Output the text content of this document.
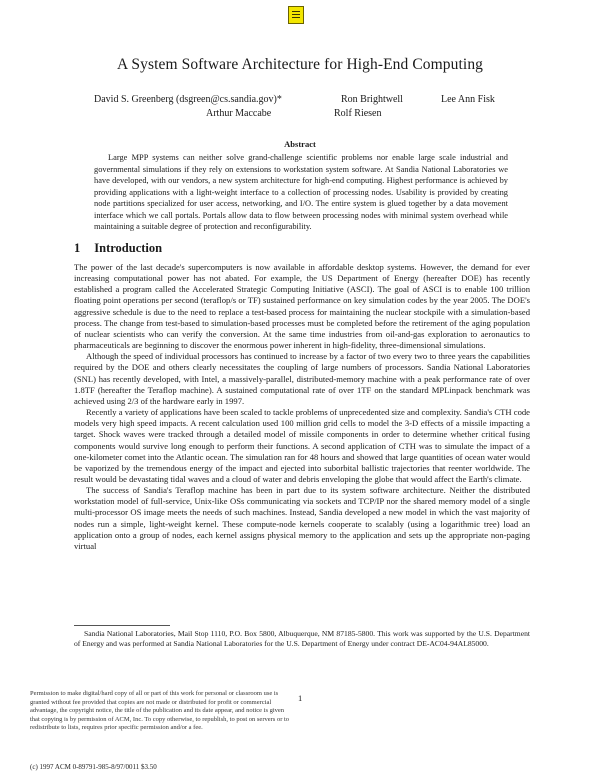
A System Software Architecture for High-End Computing
David S. Greenberg (dsgreen@cs.sandia.gov)*	Ron Brightwell	Lee Ann Fisk
Arthur Maccabe	Rolf Riesen
Abstract

Large MPP systems can neither solve grand-challenge scientific problems nor enable large scale industrial and governmental simulations if they rely on extensions to workstation system software. At Sandia National Laboratories we have developed, with our vendors, a new system architecture for high-end computing. Highest performance is achieved by providing applications with a light-weight interface to a collection of processing nodes. Usability is provided by creating node partitions specialized for user access, networking, and I/O. The entire system is glued together by a data movement interface which we call portals. Portals allow data to flow between processing nodes with minimal system overhead while maintaining a suitable degree of protection and reconfigurability.

1 Introduction

The power of the last decade's supercomputers is now available in affordable desktop systems. However, the demand for ever increasing computational power has not abated. For example, the US Department of Energy (hereafter DOE) has recently established a program called the Accelerated Strategic Computing Initiative (ASCI). The goal of ASCI is to enable 100 trillion floating point operations per second (teraflop/s or TF) sustained performance on key simulation codes by the year 2005. The DOE's aggressive schedule is due to the need to replace a test-based process for maintaining the nuclear stockpile with a simulation-based process. The change from test-based to simulation-based processes must be completed before the retirement of the aging population of nuclear scientists who can verify the conversion. At the same time industries from oil-and-gas exploration to aeronautics to pharmaceuticals are beginning to discover the enormous power inherent in high-fidelity, three-dimensional simulations.

Although the speed of individual processors has continued to increase by a factor of two every two to three years the capabilities required by the DOE and others clearly necessitates the coupling of large numbers of processors. Sandia National Laboratories (SNL) has recently developed, with Intel, a massively-parallel, distributed-memory machine with a peak performance rate of over 1.8TF (hereafter the Teraflop machine). A sustained computational rate of over 1TF on the standard MPLinpack benchmark was achieved using 2/3 of the hardware early in 1997.

Recently a variety of applications have been scaled to tackle problems of unprecedented size and complexity. Sandia's CTH code models very high speed impacts. A recent calculation used 100 million grid cells to model the 3-D effects of a missile impacting a target. Shock waves were tracked through a detailed model of missile components in order to determine whether critical fusing components would survive long enough to perform their functions. A second application of CTH was to simulate the impact of a one-kilometer comet into the Atlantic ocean. The simulation ran for 48 hours and showed that large quantities of ocean water would be vaporized by the tremendous energy of the impact and ejected into suborbital ballistic trajectories that reenter worldwide. The result would be devastating tidal waves and a cloud of water and debris enveloping the globe that would affect the Earth's climate.

The success of Sandia's Teraflop machine has been in part due to its system software architecture. Neither the distributed workstation model of full-service, Unix-like OSs communicating via sockets and TCP/IP nor the shared memory model of a single multi-processor OS image meets the needs of such machines. Instead, Sandia developed a new model in which the vast majority of nodes run a simple, light-weight kernel. These compute-node kernels cooperate to scalably (using a logarithmic tree) load an application onto a group of nodes, each kernel assigns physical memory to the application and sets up the appropriate non-paging virtual

Sandia National Laboratories, Mail Stop 1110, P.O. Box 5800, Albuquerque, NM 87185-5800. This work was supported by the U.S. Department of Energy and was performed at Sandia National Laboratories for the U.S. Department of Energy under contract DE-AC04-94AL85000.

Permission to make digital/hard copy of all or part of this work for personal or classroom use is granted without fee provided that copies are not made or distributed for profit or commercial advantage, the copyright notice, the title of the publication and its date appear, and notice is given that copying is by permission of ACM, Inc. To copy otherwise, to republish, to post on servers or to redistribute to lists, requires prior specific permission and/or a fee.

1
(c) 1997 ACM 0-89791-985-8/97/0011 $3.50
